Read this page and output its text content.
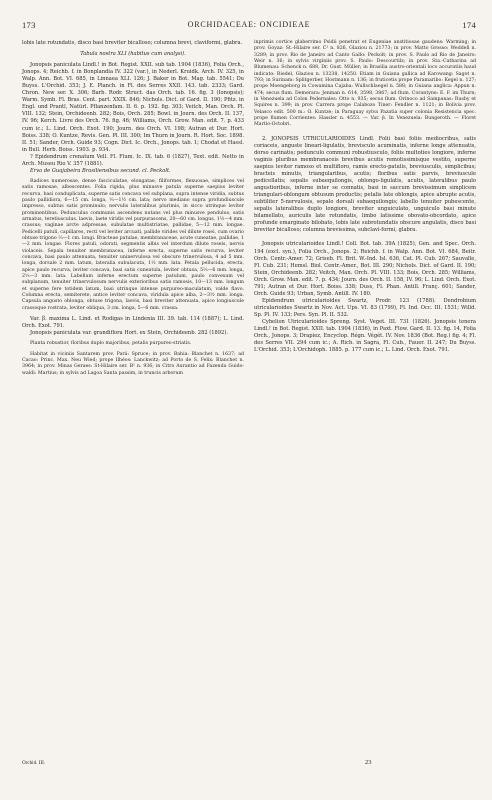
173	ORCHIDACEAE: ONCIDIEAE	174

lobis late rotundatis, disco basi breviter bicalloso; columna brevi, claviformi, glabra.

Tabula nostra XLI (habitus cum analysi).

Jonopsis paniculata Lindl.! in Bot. Regist. XXII. sub tab. 1904 (1836), Folia Orch., Jonops. 4; Reichb. f. in Bonplandia IV. 322 (var.), in Nederl. Kruidk. Arch. IV. 325, in Walp. Ann. Bot. VI. 685, in Linnaea XLI. 126; J. Baker in Bot. Mag. tab. 5541; Du Buyss. L'Orchid. 353; J. E. Planch. in Fl. des Serres XXII. 143. tab. 2333; Gard. Chron. New ser. X. 306; Barb. Rodr. Struct. das Orch. tab. 16. fig. 3 (Ionopsis); Warm. Symb. Fl. Bras. Cent. part. XXIX. 846; Nichols. Dict. of Gard. II. 190; Pfitz. in Engl. und Prantl, Natürl. Pflanzenfam. II. 6. p. 192. fig. 303; Veitch, Man. Orch. Pl. VIII. 132; Stein, Orchideenb. 282; Bois, Orch. 285; Bowl. in Journ. des Orch. II. 137, IV. 96; Kerch. Livre des Orch. 76. fig. 46; Williams, Orch. Grow. Man. edit. 7. p. 433 cum ic.; L. Lind. Orch. Exot. 190; Journ. des Orch. VI. 198; Autran et Dur. Hort. Boiss. 338; O. Kuntze, Revis. Gen. Pl. III. 300; Im Thurn in Journ. R. Hort. Soc. 1898. II. 51; Sander, Orch. Guide 93; Cogn. Dict. Ic. Orch., Jonops. tab. 1; Chodat et Hassl. in Bull. Herb. Boiss. 1903. p. 934.

? Epidendrum crenatum Vell. Fl. Flum. Ic. IX. tab. 6 (1827), Text. edit. Netto in Arch. Museu Rio V. 357 (1881).

Erva de Guajabeira Brasiliensibus secund. cl. Peckolt.

Radices numerosae, dense fasciculatae, elongatae, filiformes, flexuosae, simplices vel satis ramosae, albescentes. Folia rigida, plus minusve patula superne saepius leviter recurva, basi conduplicata, superne satis concava vel subplana, supra intense viridia, subtus paulo pallidiora, 6—15 cm. longa, ⅓—1½ cm. lata; nervo mediano supra profundiuscule impresso, subtus satis prominulo; nervulis lateralibus plurimis, in sicco utrinque leviter prominentibus. Pedunculus communis ascendens nutans vel plus minusve pendulus, satis armatus, teretiusculus, laevis, laete viridis vel purpurascens, 20—60 cm. longus, 1½—4 mm. crassus; vaginae arcte adpressae, subulatae multistriatae, pallidae, 5—12 mm. longae. Pedicelli patuli, capillares, recti vel leviter arcuati, pallide virides vel dilute rosei, cum ovario obtuse trigono ⅔—1 cm. longi. Bracteae patulae, membranaceae, acute cuneatae, pallidae, 1—2 mm. longae. Flores patuli, odorati, segmentis albis vel interdum dilute roseis, nervis violaceis. Sepala tenuiter membranacea, inferne erecta, superne satis recurva, leviter concava, basi paulo attenuata, tenuiter uninervulosa vel obscure trinervulosa, 4 ad 5 mm. longa, dorsale 2 mm. latum, lateralia subulacuta, 1½ mm. lata. Petala pellucida, erecta, apice paulo recurva, leviter concava, basi satis cuneatula, leviter obtusa, 5⅔—6 mm. longa, 2⅓—3 mm. lata. Labellum inferne erectum superne patulum, paulo convexum vel subplanum, tenuiter trinervulosum nervulis exterioribus satis ramosis, 10—13 mm. longum et superne fere totidem latum, basi utrinque intense purpureo-maculatum, valde flavo. Columna erecta, semiterete, antice leviter concava, viridula apice alba, 2—3½ mm. longa. Capsula angusto oblonga, obtuse trigona, laevis, basi breviter attenuata, apice longiuscule crassoque rostrata, leviter obliqua, 3 cm. longa, 5—6 mm. crassa.

Var. β. maxima L. Lind. et Rodigas in Lindenia III. 39. tab. 114 (1887); L. Lind. Orch. Exot. 791.

Jonopsis paniculata var. grandiflora Hort. ex Stein, Orchideenb. 282 (1892).

Planta robustior, floribus duplo majoribus, petalis purpureo-striatis.

Habitat in viciniis Santarem prov. Pará: Spruce; in prov. Bahia: Blanchet n. 1637; ad Cacao: Princ. Max. Neu Wied; prope Ilhéos: Lanckwitz; ad Porto de S. Felix: Blanchet n. 3964; in prov. Minas Geraes: St-Hilaire ser. B¹ n. 936; in Citro Aurantio ad Fazenda Guido-waldi: Martius; in sylvis ad Lagoa Santa passim, in truncis arborum

inprimis cortice glaberrimo Psidii penetrat et Eugeniae anstitiosae gaudens: Warming; in prov. Goyaz: St.-Hilaire ser. C¹ n. 826, Glaziou n. 21773; in prov. Matto Grosso: Weddell n. 3289; in prov. Rio de Janeiro ad Canto Gallo: Peckolt; in prov. S. Paulo ad Rio de Janeiro: Weir n. 36; in sylvis virginiis prov. S. Paulo: Descourtilz; in prov. Sta.-Catharina ad Blumenau: Schenck n. 688, Dr. Gust. Müller; in Brasilia austro-orientali loco accuratiis haud indicato: Riedel, Glaziou n. 13238, 14250. Etiam in Guiana gallica ad Karowang: Sagot n. 793; in Surinam: Splitgerber, Hostmann n. 136; in fruticetis prope Paramaribo: Kegel n. 127; prope Moengeborg in Cowamina Cajaba: Wullschlaegel n. 588; in Guiana anglica: Appun n. 474; secus flum. Demerara: Jenman n. 614, 3598, 3867; ad flum. Corantyne: E. F. im Thurn; in Venezuela ad Colon Pedernales: Otto n. 935; secus flum. Orinoco ad Sampanas: Rusby et Squires n. 399; in prov. Carrera prope Calabozo Tiner: Fendler n. 1121; in Bolivia prov. Velasco edit. 500 m.: O. Kuntze; in Paraguay sylva Pazatia super colonia Resistencia spec. prope flumen Corrientes: Hassler n. 4553. — Var. β. In Venezuela: Bungeroth. — Floret Martio-Octobri.

2. JONOPSIS UTRICULARIOIDES Lindl. Folii basi foliis mediocribus, satis coriaceis, anguste lineari-ligulatis, brevisculo acuminatis, inferne longe attenuatis, dorso carinatis; pedunculo communi robustiusculo, foliis multoties longiore, inferne vaginis pluribus membranaceis brevibus acutis remotissimisque vestito, superne saepius leviter ramoso et multifloro, ramis erecto-patulis, breviusculis, simplicibus; bracteis minutis, triangularibus, acutis; floribus satis parvis, breviuscule pedicellatis; sepalis subaequilongis, oblongo-ligulatis, acutis, lateralibus paulo angustioribus, inferne inter se connatis, basi in saccum brevissimum simplicem triangulari-oblongum obtusum productis; petalis late oblongis, apice abrupte acutis, subtiliter 5-nervulosis, sepalo dorsali subaequilongis; labello tenuiter pubescente, sepalis lateralibus duplo longiore, breviter unguiculato, unguiculo basi minute bilamellato, auriculis late rotundatis, limbo latissime obovato-obcordato, apice profunde emarginato bilobato, lobis late subrotundatis obscure angulatis, disco basi breviter bicalloso; columna brevissima, subclavi-formi, glabra.

Jonopsis utricularioides Lindl.! Coll. Bot. tab. 39A (1825), Gen. and Spec. Orch. 194 (excl. syn.), Folia Orch., Jonops. 2; Reichb. f. in Walp. Ann. Bot. VI. 684, Beitr. Orch. Centr.-Amer. 72; Griseb. Fl. Brit. W.-Ind. Isl. 636, Cat. Pl. Cub. 267; Sauvalle, Fl. Cub. 231; Hemsl. Biol. Centr.-Amer., Bot. III. 290; Nichols. Dict. of Gard. II. 190; Stein, Orchideenb. 282; Veitch, Man. Orch. Pl. VIII. 133; Bois, Orch. 285; Williams, Orch. Grow. Man. edit. 7. p. 434; Journ. des Orch. II. 158, IV. 96; L. Lind. Orch. Exot. 791; Autran et Dur. Hort. Boiss. 338; Duss, Fl. Phan. Antill. Franç. 601; Sander, Orch. Guide 93; Urban, Symb. Antill. IV. 180.

Epidendrum utricularioides Swartz, Prodr. 123 (1788). Dendrobium utricularioides Swartz in Nov. Act. Ups. VI. 83 (1799), Fl. Ind. Occ. III. 1531; Willd. Sp. Pl. IV. 133; Pers. Syn. Pl. II. 532.

Cybelion Utricularioides Spreng. Syst. Veget. III. 731 (1826). Jonopsis tenera Lindl.! in Bot. Regist. XXII. tab. 1904 (1836), in Paxt. Flow. Gard. II. 13. fig. 14, Folia Orch., Jonops. 3; Drapiez, Encyclop. Régn. Végét. IV. Nov. 1836 (Bot. Reg.) fig. 4; Fl. des Serres VII. 294 cum ic.; A. Rich. in Sagra, Fl. Cub., Fauer. II. 247; Du Buyss. L'Orchid. 353; L'Orchidoph. 1885. p. 177 cum ic.; L. Lind. Orch. Exot. 791.

Orchid. III.	23
